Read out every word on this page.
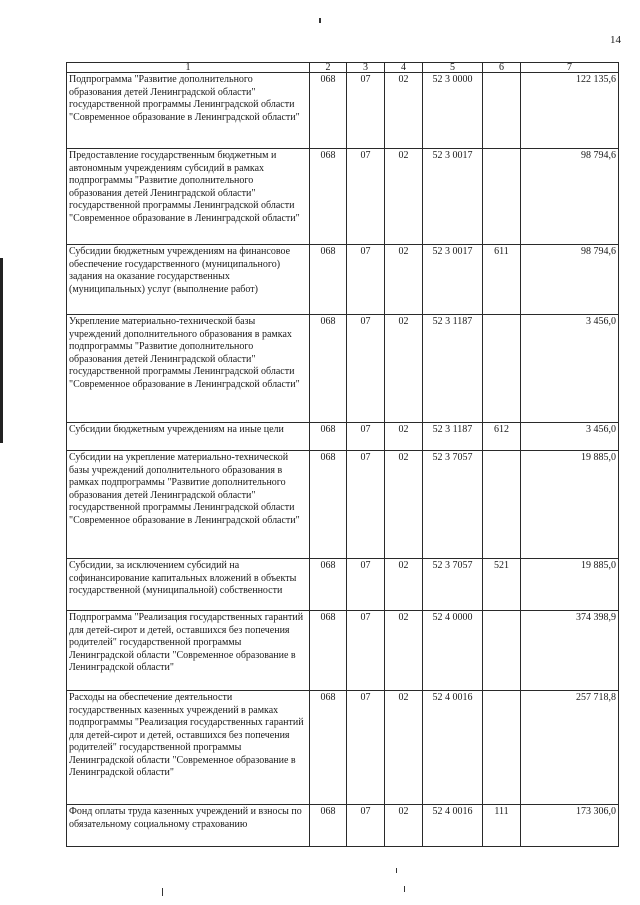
14
1	2	3	4	5	6	7
Подпрограмма "Развитие дополнительного образования детей Ленинградской области" государственной программы Ленинградской области "Современное образование в Ленинградской области"	068	07	02	52 3 0000		122 135,6
Предоставление государственным бюджетным и автономным учреждениям субсидий в рамках подпрограммы "Развитие дополнительного образования детей Ленинградской области" государственной программы Ленинградской области "Современное образование в Ленинградской области"	068	07	02	52 3 0017		98 794,6
Субсидии бюджетным учреждениям на финансовое обеспечение государственного (муниципального) задания на оказание государственных (муниципальных) услуг (выполнение работ)	068	07	02	52 3 0017	611	98 794,6
Укрепление материально-технической базы учреждений дополнительного образования в рамках подпрограммы "Развитие дополнительного образования детей Ленинградской области" государственной программы Ленинградской области "Современное образование в Ленинградской области"	068	07	02	52 3 1187		3 456,0
Субсидии бюджетным учреждениям на иные цели	068	07	02	52 3 1187	612	3 456,0
Субсидии на укрепление материально-технической базы учреждений дополнительного образования в рамках подпрограммы "Развитие дополнительного образования детей Ленинградской области" государственной программы Ленинградской области "Современное образование в Ленинградской области"	068	07	02	52 3 7057		19 885,0
Субсидии, за исключением субсидий на софинансирование капитальных вложений в объекты государственной (муниципальной) собственности	068	07	02	52 3 7057	521	19 885,0
Подпрограмма "Реализация государственных гарантий для детей-сирот и детей, оставшихся без попечения родителей" государственной программы Ленинградской области "Современное образование в Ленинградской области"	068	07	02	52 4 0000		374 398,9
Расходы на обеспечение деятельности государственных казенных учреждений в рамках подпрограммы "Реализация государственных гарантий для детей-сирот и детей, оставшихся без попечения родителей" государственной программы Ленинградской области "Современное образование в Ленинградской области"	068	07	02	52 4 0016		257 718,8
Фонд оплаты труда казенных учреждений и взносы по обязательному социальному страхованию	068	07	02	52 4 0016	111	173 306,0
